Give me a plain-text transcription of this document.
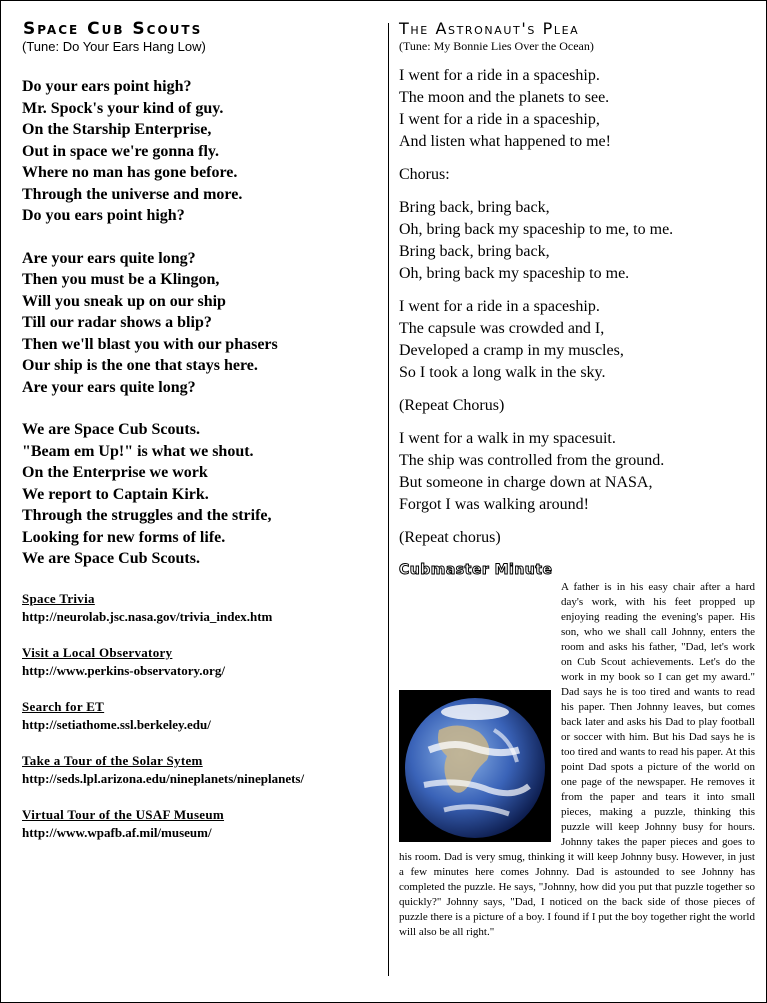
Space Cub Scouts
(Tune: Do Your Ears Hang Low)
Do your ears point high?
Mr. Spock's your kind of guy.
On the Starship Enterprise,
Out in space we're gonna fly.
Where no man has gone before.
Through the universe and more.
Do you ears point high?
Are your ears quite long?
Then you must be a Klingon,
Will you sneak up on our ship
Till our radar shows a blip?
Then we'll blast you with our phasers
Our ship is the one that stays here.
Are your ears quite long?
We are Space Cub Scouts.
"Beam em Up!" is what we shout.
On the Enterprise we work
We report to Captain Kirk.
Through the struggles and the strife,
Looking for new forms of life.
We are Space Cub Scouts.
Space Trivia
http://neurolab.jsc.nasa.gov/trivia_index.htm
Visit a Local Observatory
http://www.perkins-observatory.org/
Search for ET
http://setiathome.ssl.berkeley.edu/
Take a Tour of the Solar Sytem
http://seds.lpl.arizona.edu/nineplanets/nineplanets/
Virtual Tour of the USAF Museum
http://www.wpafb.af.mil/museum/
The Astronaut's Plea
(Tune: My Bonnie Lies Over the Ocean)
I went for a ride in a spaceship.
The moon and the planets to see.
I went for a ride in a spaceship,
And listen what happened to me!
Chorus:
Bring back, bring back,
Oh, bring back my spaceship to me, to me.
Bring back, bring back,
Oh, bring back my spaceship to me.
I went for a ride in a spaceship.
The capsule was crowded and I,
Developed a cramp in my muscles,
So I took a long walk in the sky.
(Repeat Chorus)
I went for a walk in my spacesuit.
The ship was controlled from the ground.
But someone in charge down at NASA,
Forgot I was walking around!
(Repeat chorus)
Cubmaster Minute
A father is in his easy chair after a hard day's work, with his feet propped up enjoying reading the evening's paper. His son, who we shall call Johnny, enters the room and asks his father, "Dad, let's work on Cub Scout achievements. Let's do the work in my book so I can get my award." Dad says he is too tired and wants to read his paper. Then Johnny leaves, but comes back later and asks his Dad to play football or soccer with him. But his Dad says he is too tired and wants to read his paper. At this point Dad spots a picture of the world on one page of the newspaper. He removes it from the paper and tears it into small pieces, making a puzzle, thinking this puzzle will keep Johnny busy for hours. Johnny takes the paper pieces and goes to his room. Dad is very smug, thinking it will keep Johnny busy. However, in just a few minutes here comes Johnny. Dad is astounded to see Johnny has completed the puzzle. He says, "Johnny, how did you put that puzzle together so quickly?" Johnny says, "Dad, I noticed on the back side of those pieces of puzzle there is a picture of a boy. I found if I put the boy together right the world will also be all right."
